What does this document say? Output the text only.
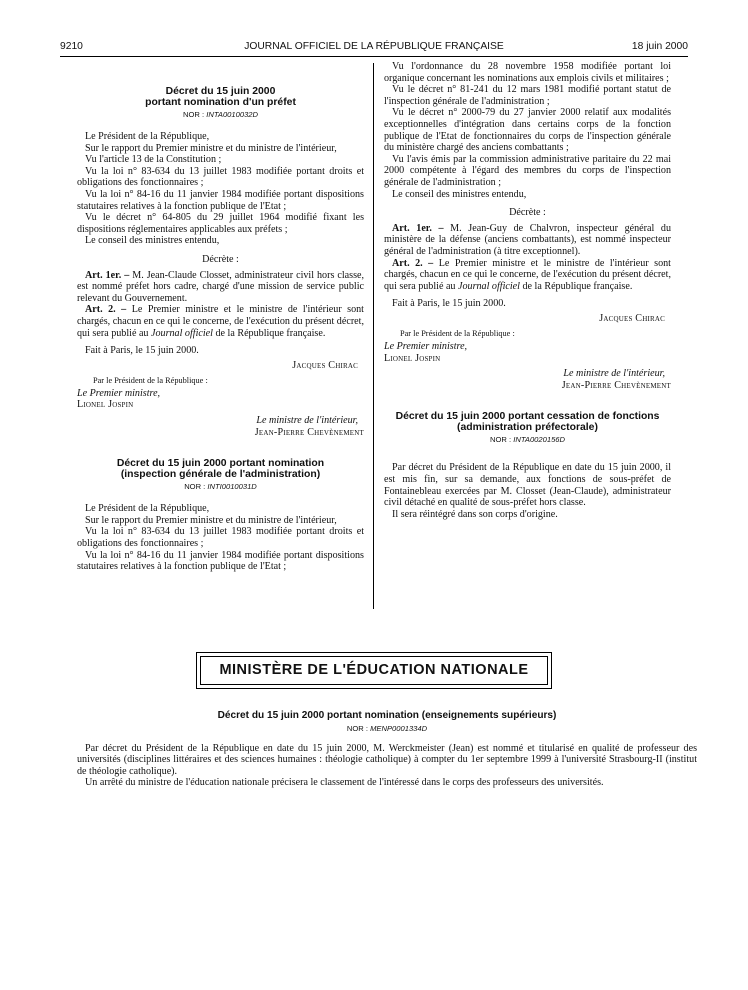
9210	JOURNAL OFFICIEL DE LA RÉPUBLIQUE FRANÇAISE	18 juin 2000

Décret du 15 juin 2000

portant nomination d'un préfet

NOR : INTA0010032D

Le Président de la République,

Sur le rapport du Premier ministre et du ministre de l'intérieur,

Vu l'article 13 de la Constitution ;

Vu la loi n° 83-634 du 13 juillet 1983 modifiée portant droits et obligations des fonctionnaires ;

Vu la loi n° 84-16 du 11 janvier 1984 modifiée portant dispositions statutaires relatives à la fonction publique de l'Etat ;

Vu le décret n° 64-805 du 29 juillet 1964 modifié fixant les dispositions réglementaires applicables aux préfets ;

Le conseil des ministres entendu,

Décrète :

Art. 1er. – M. Jean-Claude Closset, administrateur civil hors classe, est nommé préfet hors cadre, chargé d'une mission de service public relevant du Gouvernement.

Art. 2. – Le Premier ministre et le ministre de l'intérieur sont chargés, chacun en ce qui le concerne, de l'exécution du présent décret, qui sera publié au Journal officiel de la République française.

Fait à Paris, le 15 juin 2000.

Jacques Chirac

Par le Président de la République :

Le Premier ministre,

Lionel Jospin

Le ministre de l'intérieur,
Jean-Pierre Chevènement

Décret du 15 juin 2000 portant nomination

(inspection générale de l'administration)

NOR : INTI0010031D

Le Président de la République,

Sur le rapport du Premier ministre et du ministre de l'intérieur,

Vu la loi n° 83-634 du 13 juillet 1983 modifiée portant droits et obligations des fonctionnaires ;

Vu la loi n° 84-16 du 11 janvier 1984 modifiée portant dispositions statutaires relatives à la fonction publique de l'Etat ;

Vu l'ordonnance du 28 novembre 1958 modifiée portant loi organique concernant les nominations aux emplois civils et militaires ;

Vu le décret n° 81-241 du 12 mars 1981 modifié portant statut de l'inspection générale de l'administration ;

Vu le décret n° 2000-79 du 27 janvier 2000 relatif aux modalités exceptionnelles d'intégration dans certains corps de la fonction publique de l'Etat de fonctionnaires du corps de l'inspection générale du ministère chargé des anciens combattants ;

Vu l'avis émis par la commission administrative paritaire du 22 mai 2000 compétente à l'égard des membres du corps de l'inspection générale de l'administration ;

Le conseil des ministres entendu,

Décrète :

Art. 1er. – M. Jean-Guy de Chalvron, inspecteur général du ministère de la défense (anciens combattants), est nommé inspecteur général de l'administration (à titre exceptionnel).

Art. 2. – Le Premier ministre et le ministre de l'intérieur sont chargés, chacun en ce qui le concerne, de l'exécution du présent décret, qui sera publié au Journal officiel de la République française.

Fait à Paris, le 15 juin 2000.

Jacques Chirac

Par le Président de la République :

Le Premier ministre,

Lionel Jospin

Le ministre de l'intérieur,
Jean-Pierre Chevènement

Décret du 15 juin 2000 portant cessation de fonctions

(administration préfectorale)

NOR : INTA0020156D

Par décret du Président de la République en date du 15 juin 2000, il est mis fin, sur sa demande, aux fonctions de sous-préfet de Fontainebleau exercées par M. Closset (Jean-Claude), administrateur civil détaché en qualité de sous-préfet hors classe.

Il sera réintégré dans son corps d'origine.

MINISTÈRE DE L'ÉDUCATION NATIONALE

Décret du 15 juin 2000 portant nomination (enseignements supérieurs)

NOR : MENP0001334D

Par décret du Président de la République en date du 15 juin 2000, M. Werckmeister (Jean) est nommé et titularisé en qualité de professeur des universités (disciplines littéraires et des sciences humaines : théologie catholique) à compter du 1er septembre 1999 à l'université Strasbourg-II (institut de théologie catholique).

Un arrêté du ministre de l'éducation nationale précisera le classement de l'intéressé dans le corps des professeurs des universités.
